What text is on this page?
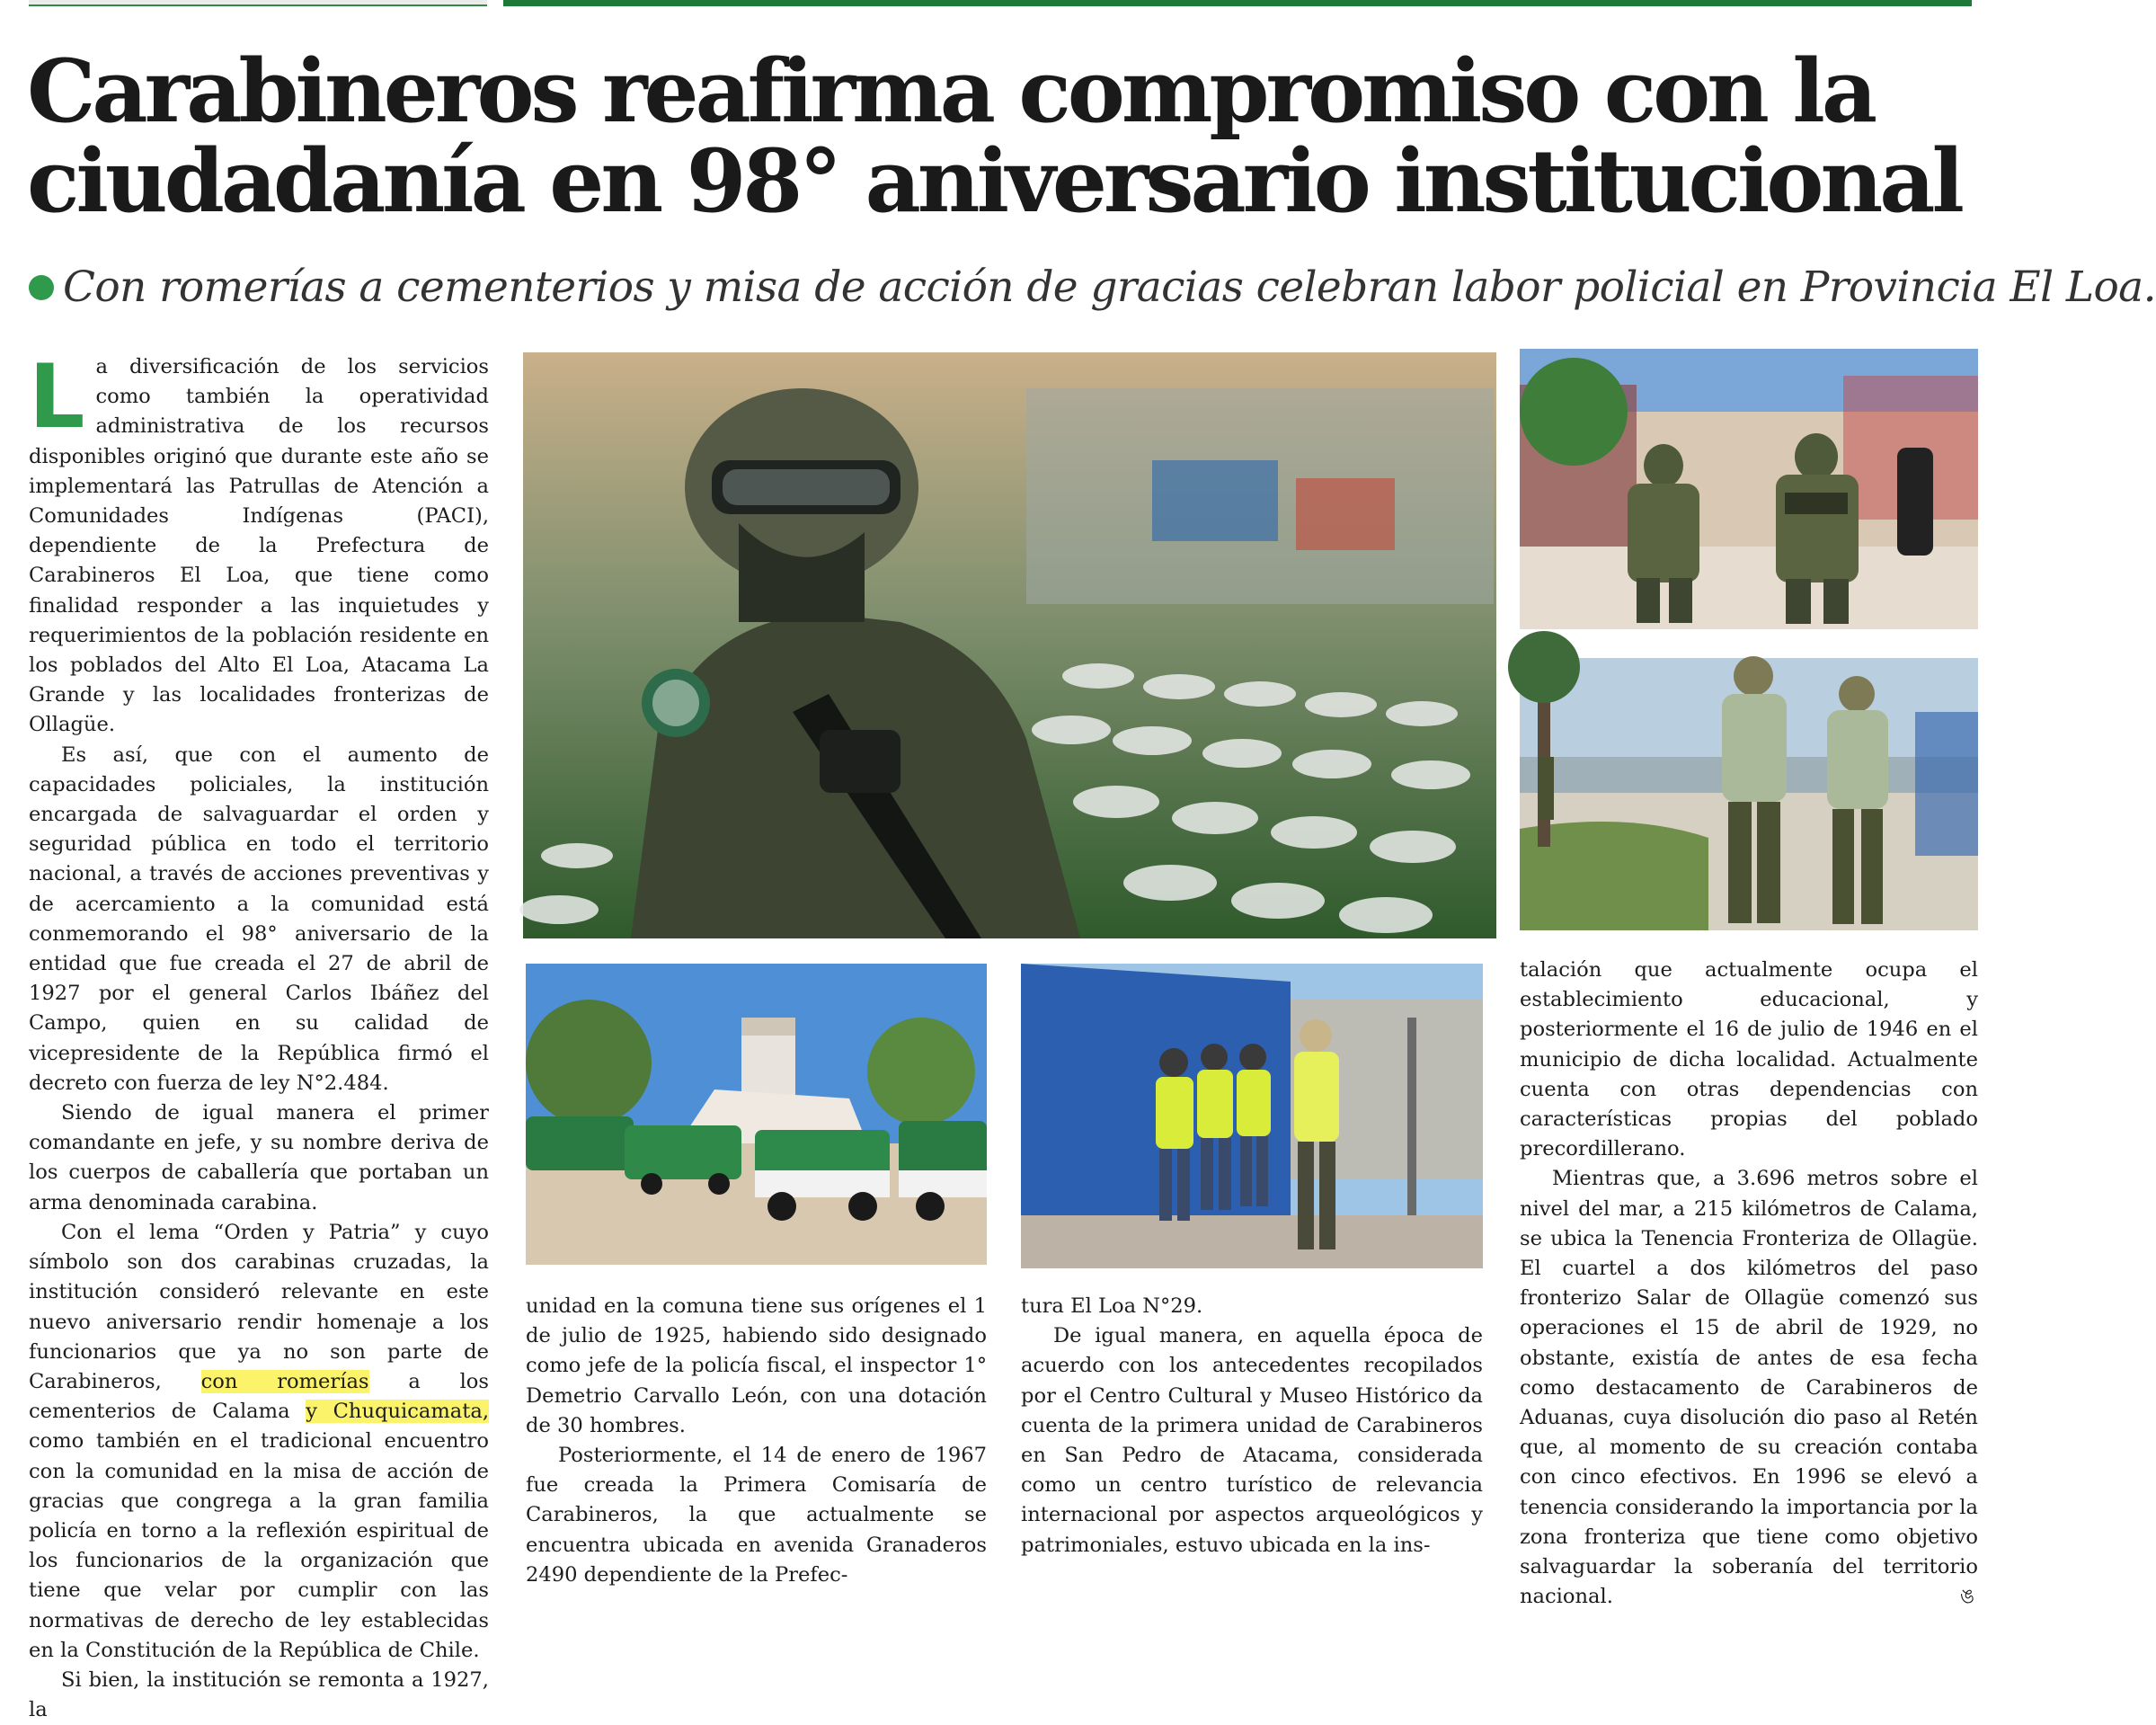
Carabineros reafirma compromiso con la
ciudadanía en 98° aniversario institucional
Con romerías a cementerios y misa de acción de gracias celebran labor policial en Provincia El Loa.

La diversificación de los servicios como también la operatividad administrativa de los recursos disponibles originó que durante este año se implementará las Patrullas de Atención a Comunidades Indígenas (PACI), dependiente de la Prefectura de Carabineros El Loa, que tiene como finalidad responder a las inquietudes y requerimientos de la población residente en los poblados del Alto El Loa, Atacama La Grande y las localidades fronterizas de Ollagüe.

Es así, que con el aumento de capacidades policiales, la institución encargada de salvaguardar el orden y seguridad pública en todo el territorio nacional, a través de acciones preventivas y de acercamiento a la comunidad está conmemorando el 98° aniversario de la entidad que fue creada el 27 de abril de 1927 por el general Carlos Ibáñez del Campo, quien en su calidad de vicepresidente de la República firmó el decreto con fuerza de ley N°2.484.

Siendo de igual manera el primer comandante en jefe, y su nombre deriva de los cuerpos de caballería que portaban un arma denominada carabina.

Con el lema “Orden y Patria” y cuyo símbolo son dos carabinas cruzadas, la institución consideró relevante en este nuevo aniversario rendir homenaje a los funcionarios que ya no son parte de Carabineros, con romerías a los cementerios de Calama y Chuquicamata, como también en el tradicional encuentro con la comunidad en la misa de acción de gracias que congrega a la gran familia policía en torno a la reflexión espiritual de los funcionarios de la organización que tiene que velar por cumplir con las normativas de derecho de ley establecidas en la Constitución de la República de Chile.

Si bien, la institución se remonta a 1927, la

unidad en la comuna tiene sus orígenes el 1 de julio de 1925, habiendo sido designado como jefe de la policía fiscal, el inspector 1° Demetrio Carvallo León, con una dotación de 30 hombres.

Posteriormente, el 14 de enero de 1967 fue creada la Primera Comisaría de Carabineros, la que actualmente se encuentra ubicada en avenida Granaderos 2490 dependiente de la Prefec-

tura El Loa N°29.

De igual manera, en aquella época de acuerdo con los antecedentes recopilados por el Centro Cultural y Museo Histórico da cuenta de la primera unidad de Carabineros en San Pedro de Atacama, considerada como un centro turístico de relevancia internacional por aspectos arqueológicos y patrimoniales, estuvo ubicada en la ins-

talación que actualmente ocupa el establecimiento educacional, y posteriormente el 16 de julio de 1946 en el municipio de dicha localidad. Actualmente cuenta con otras dependencias con características propias del poblado precordillerano.

Mientras que, a 3.696 metros sobre el nivel del mar, a 215 kilómetros de Calama, se ubica la Tenencia Fronteriza de Ollagüe. El cuartel a dos kilómetros del paso fronterizo Salar de Ollagüe comenzó sus operaciones el 15 de abril de 1929, no obstante, existía de antes de esa fecha como destacamento de Carabineros de Aduanas, cuya disolución dio paso al Retén que, al momento de su creación contaba con cinco efectivos. En 1996 se elevó a tenencia considerando la importancia por la zona fronteriza que tiene como objetivo salvaguardar la soberanía del territorio nacional.	ঙ
